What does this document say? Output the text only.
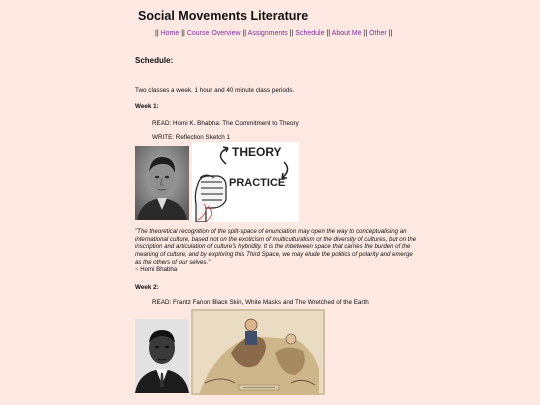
Social Movements Literature
|| Home || Course Overview || Assignments || Schedule || About Me || Other ||
Schedule:
Two classes a week. 1 hour and 40 minute class periods.
Week 1:
READ: Homi K. Bhabha: The Commitment to Theory
WRITE: Reflection Sketch 1
THEORY
PRACTICE
"The theoretical recognition of the split-space of enunciation may open the way to conceptualising an international culture, based not on the exoticism of multiculturalism or the diversity of cultures, but on the inscription and articulation of culture's hybridity. It is the inbetween space that carries the burden of the meaning of culture, and by exploring this Third Space, we may elude the politics of polarity and emerge as the others of our selves."
~ Homi Bhabha
Week 2:
READ: Frantz Fanon Black Skin, White Masks and The Wretched of the Earth
